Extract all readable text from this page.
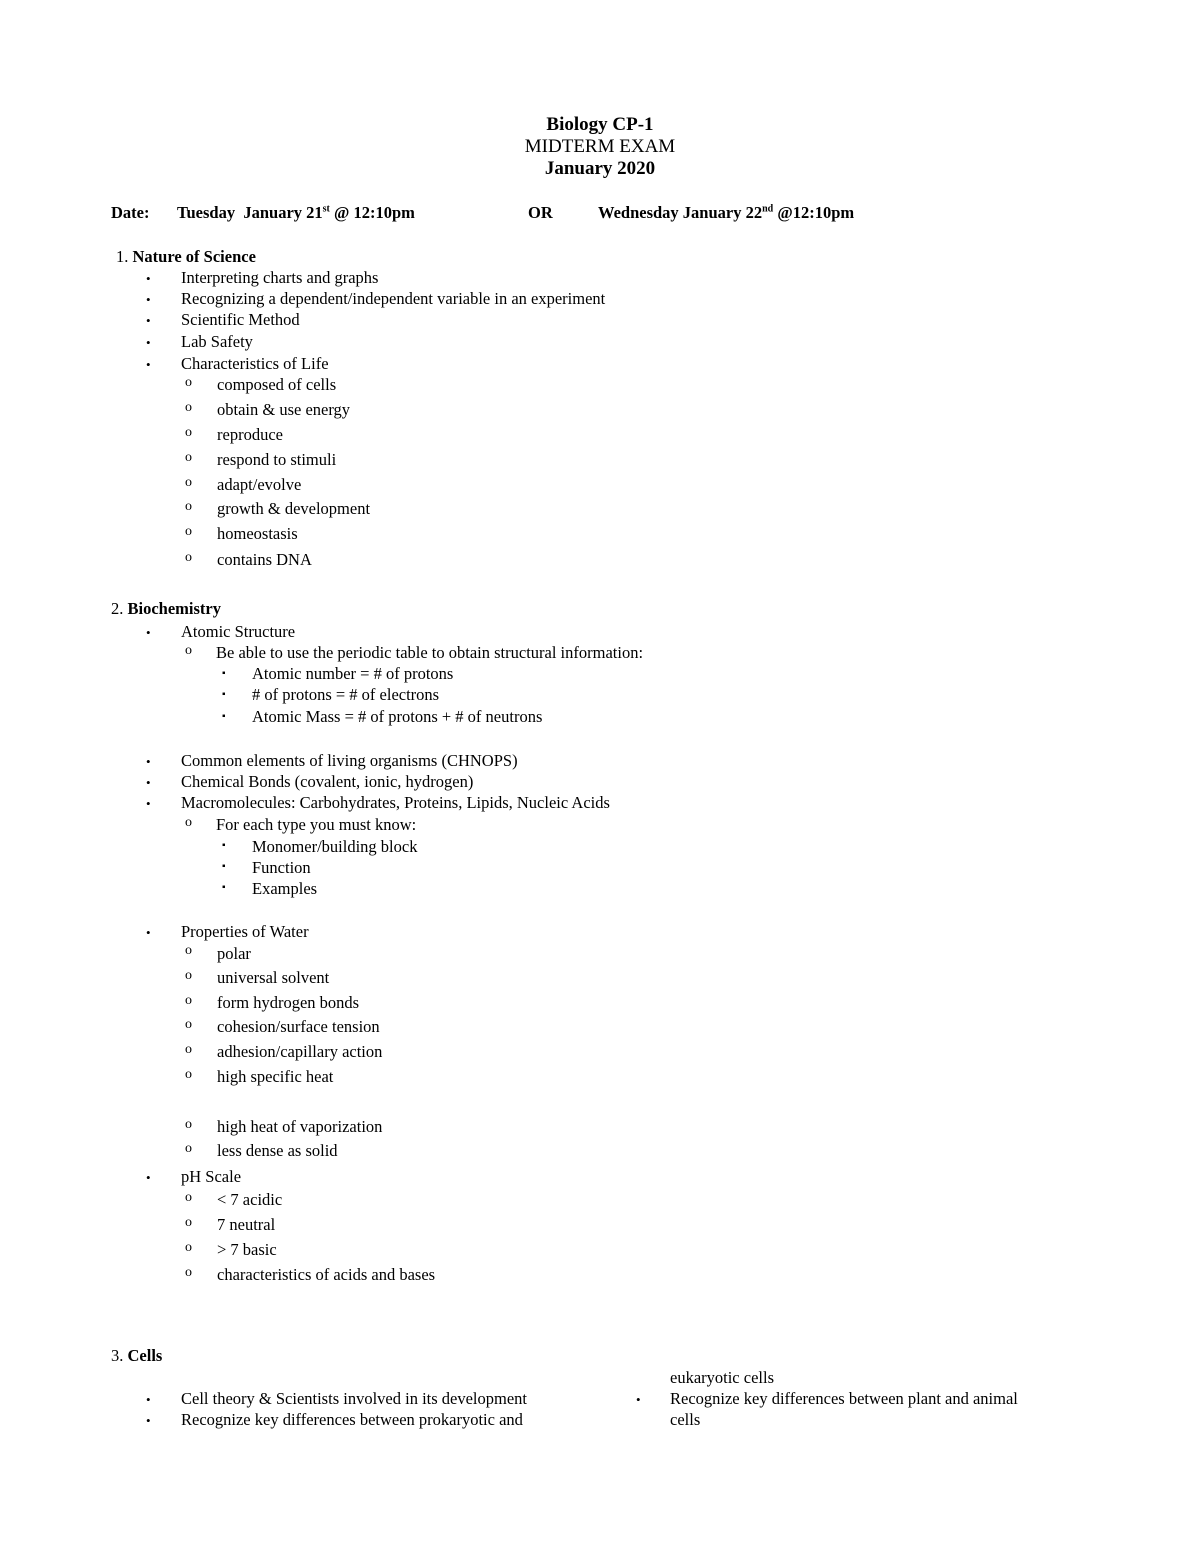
Biology CP-1
MIDTERM EXAM
January 2020
Date: Tuesday January 21st @ 12:10pm	OR	Wednesday January 22nd @12:10pm
1. Nature of Science
• Interpreting charts and graphs
• Recognizing a dependent/independent variable in an experiment
• Scientific Method
• Lab Safety
• Characteristics of Life
o composed of cells
o obtain & use energy
o reproduce
o respond to stimuli
o adapt/evolve
o growth & development
o homeostasis
o contains DNA
2. Biochemistry
• Atomic Structure
o Be able to use the periodic table to obtain structural information:
▪ Atomic number = # of protons
▪ # of protons = # of electrons
▪ Atomic Mass = # of protons + # of neutrons
• Common elements of living organisms (CHNOPS)
• Chemical Bonds (covalent, ionic, hydrogen)
• Macromolecules: Carbohydrates, Proteins, Lipids, Nucleic Acids
o For each type you must know:
▪ Monomer/building block
▪ Function
▪ Examples
• Properties of Water
o polar
o universal solvent
o form hydrogen bonds
o cohesion/surface tension
o adhesion/capillary action
o high specific heat
o high heat of vaporization
o less dense as solid
• pH Scale
o < 7 acidic
o 7 neutral
o > 7 basic
o characteristics of acids and bases
3. Cells
• Cell theory & Scientists involved in its development
• Recognize key differences between prokaryotic and
eukaryotic cells
• Recognize key differences between plant and animal
cells
